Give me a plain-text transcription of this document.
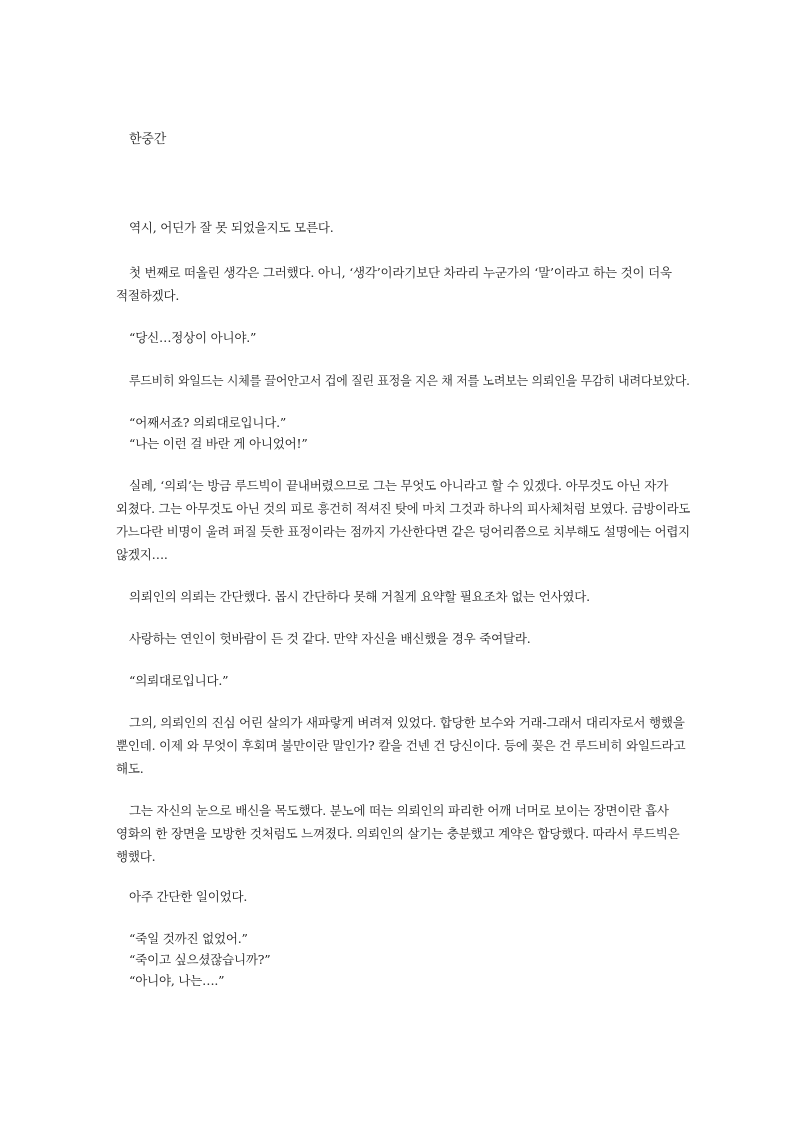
한중간
역시, 어딘가 잘 못 되었을지도 모른다.
첫 번째로 떠올린 생각은 그러했다. 아니, ‘생각’이라기보단 차라리 누군가의 ‘말’이라고 하는 것이 더욱
적절하겠다.
“당신…정상이 아니야.”
루드비히 와일드는 시체를 끌어안고서 겁에 질린 표정을 지은 채 저를 노려보는 의뢰인을 무감히 내려다보았다.
“어째서죠? 의뢰대로입니다.”
“나는 이런 걸 바란 게 아니었어!”
실례, ‘의뢰’는 방금 루드빅이 끝내버렸으므로 그는 무엇도 아니라고 할 수 있겠다. 아무것도 아닌 자가
외쳤다. 그는 아무것도 아닌 것의 피로 흥건히 적셔진 탓에 마치 그것과 하나의 피사체처럼 보였다. 금방이라도
가느다란 비명이 울려 퍼질 듯한 표정이라는 점까지 가산한다면 같은 덩어리쯤으로 치부해도 설명에는 어렵지
않겠지….
의뢰인의 의뢰는 간단했다. 몹시 간단하다 못해 거칠게 요약할 필요조차 없는 언사였다.
사랑하는 연인이 헛바람이 든 것 같다. 만약 자신을 배신했을 경우 죽여달라.
“의뢰대로입니다.”
그의, 의뢰인의 진심 어린 살의가 새파랗게 벼려져 있었다. 합당한 보수와 거래-그래서 대리자로서 행했을
뿐인데. 이제 와 무엇이 후회며 불만이란 말인가? 칼을 건넨 건 당신이다. 등에 꽂은 건 루드비히 와일드라고
해도.
그는 자신의 눈으로 배신을 목도했다. 분노에 떠는 의뢰인의 파리한 어깨 너머로 보이는 장면이란 흡사
영화의 한 장면을 모방한 것처럼도 느껴졌다. 의뢰인의 살기는 충분했고 계약은 합당했다. 따라서 루드빅은
행했다.
아주 간단한 일이었다.
“죽일 것까진 없었어.”
“죽이고 싶으셨잖습니까?”
“아니야, 나는….”
